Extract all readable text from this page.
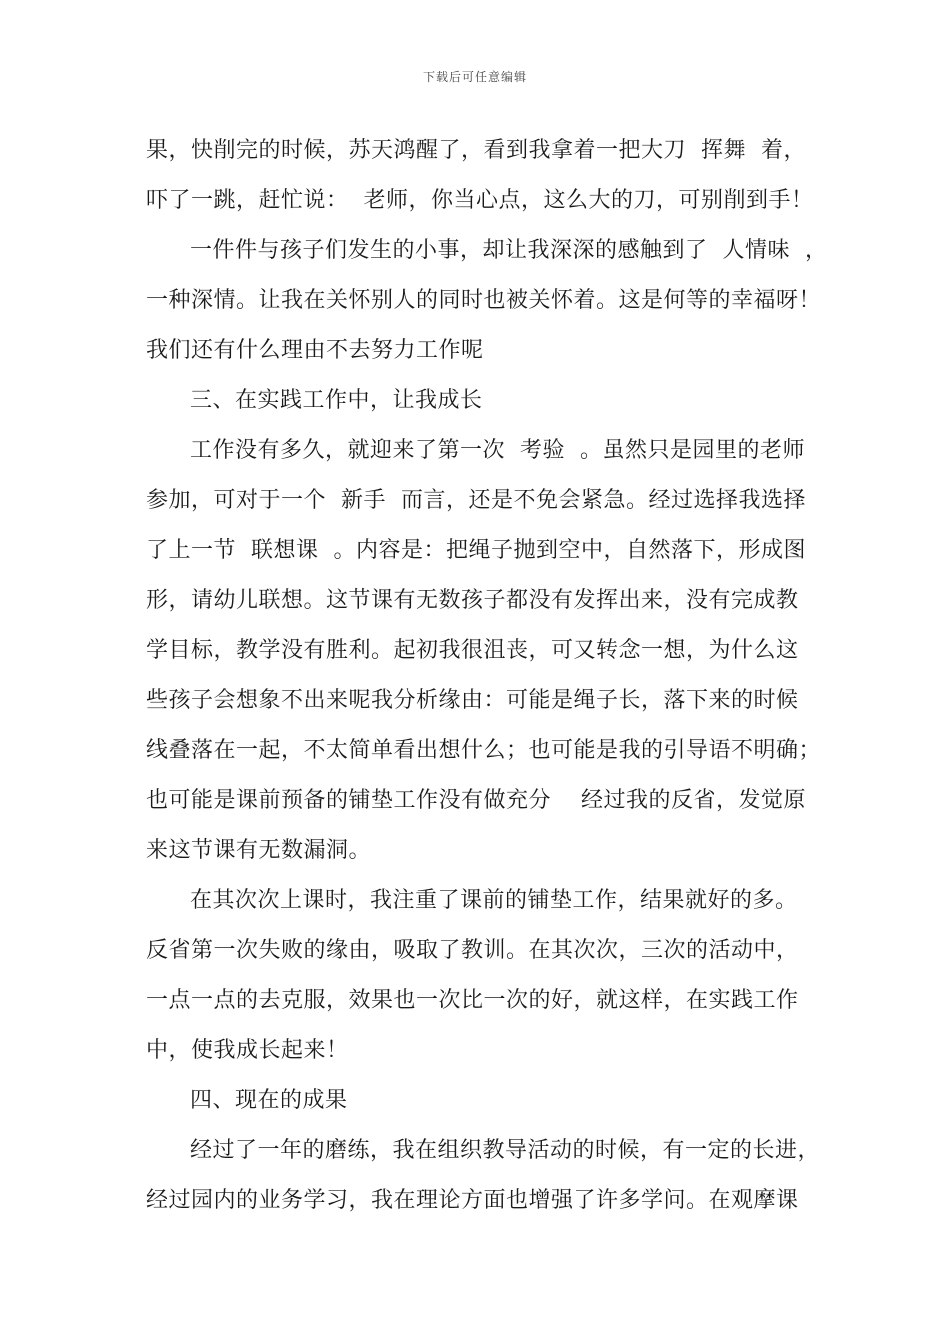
下载后可任意编辑
果，快削完的时候，苏天鸿醒了，看到我拿着一把大刀  挥舞  着，
吓了一跳，赶忙说：  老师，你当心点，这么大的刀，可别削到手！
一件件与孩子们发生的小事，却让我深深的感触到了  人情味  ，
一种深情。让我在关怀别人的同时也被关怀着。这是何等的幸福呀！
我们还有什么理由不去努力工作呢
三、在实践工作中，让我成长
工作没有多久，就迎来了第一次  考验  。虽然只是园里的老师
参加，可对于一个  新手  而言，还是不免会紧急。经过选择我选择
了上一节  联想课  。内容是：把绳子抛到空中，自然落下，形成图
形，请幼儿联想。这节课有无数孩子都没有发挥出来，没有完成教
学目标，教学没有胜利。起初我很沮丧，可又转念一想，为什么这
些孩子会想象不出来呢我分析缘由：可能是绳子长，落下来的时候
线叠落在一起，不太简单看出想什么；也可能是我的引导语不明确；
也可能是课前预备的铺垫工作没有做充分    经过我的反省，发觉原
来这节课有无数漏洞。
在其次次上课时，我注重了课前的铺垫工作，结果就好的多。
反省第一次失败的缘由，吸取了教训。在其次次，三次的活动中，
一点一点的去克服，效果也一次比一次的好，就这样，在实践工作
中，使我成长起来！
四、现在的成果
经过了一年的磨练，我在组织教导活动的时候，有一定的长进，
经过园内的业务学习，我在理论方面也增强了许多学问。在观摩课
